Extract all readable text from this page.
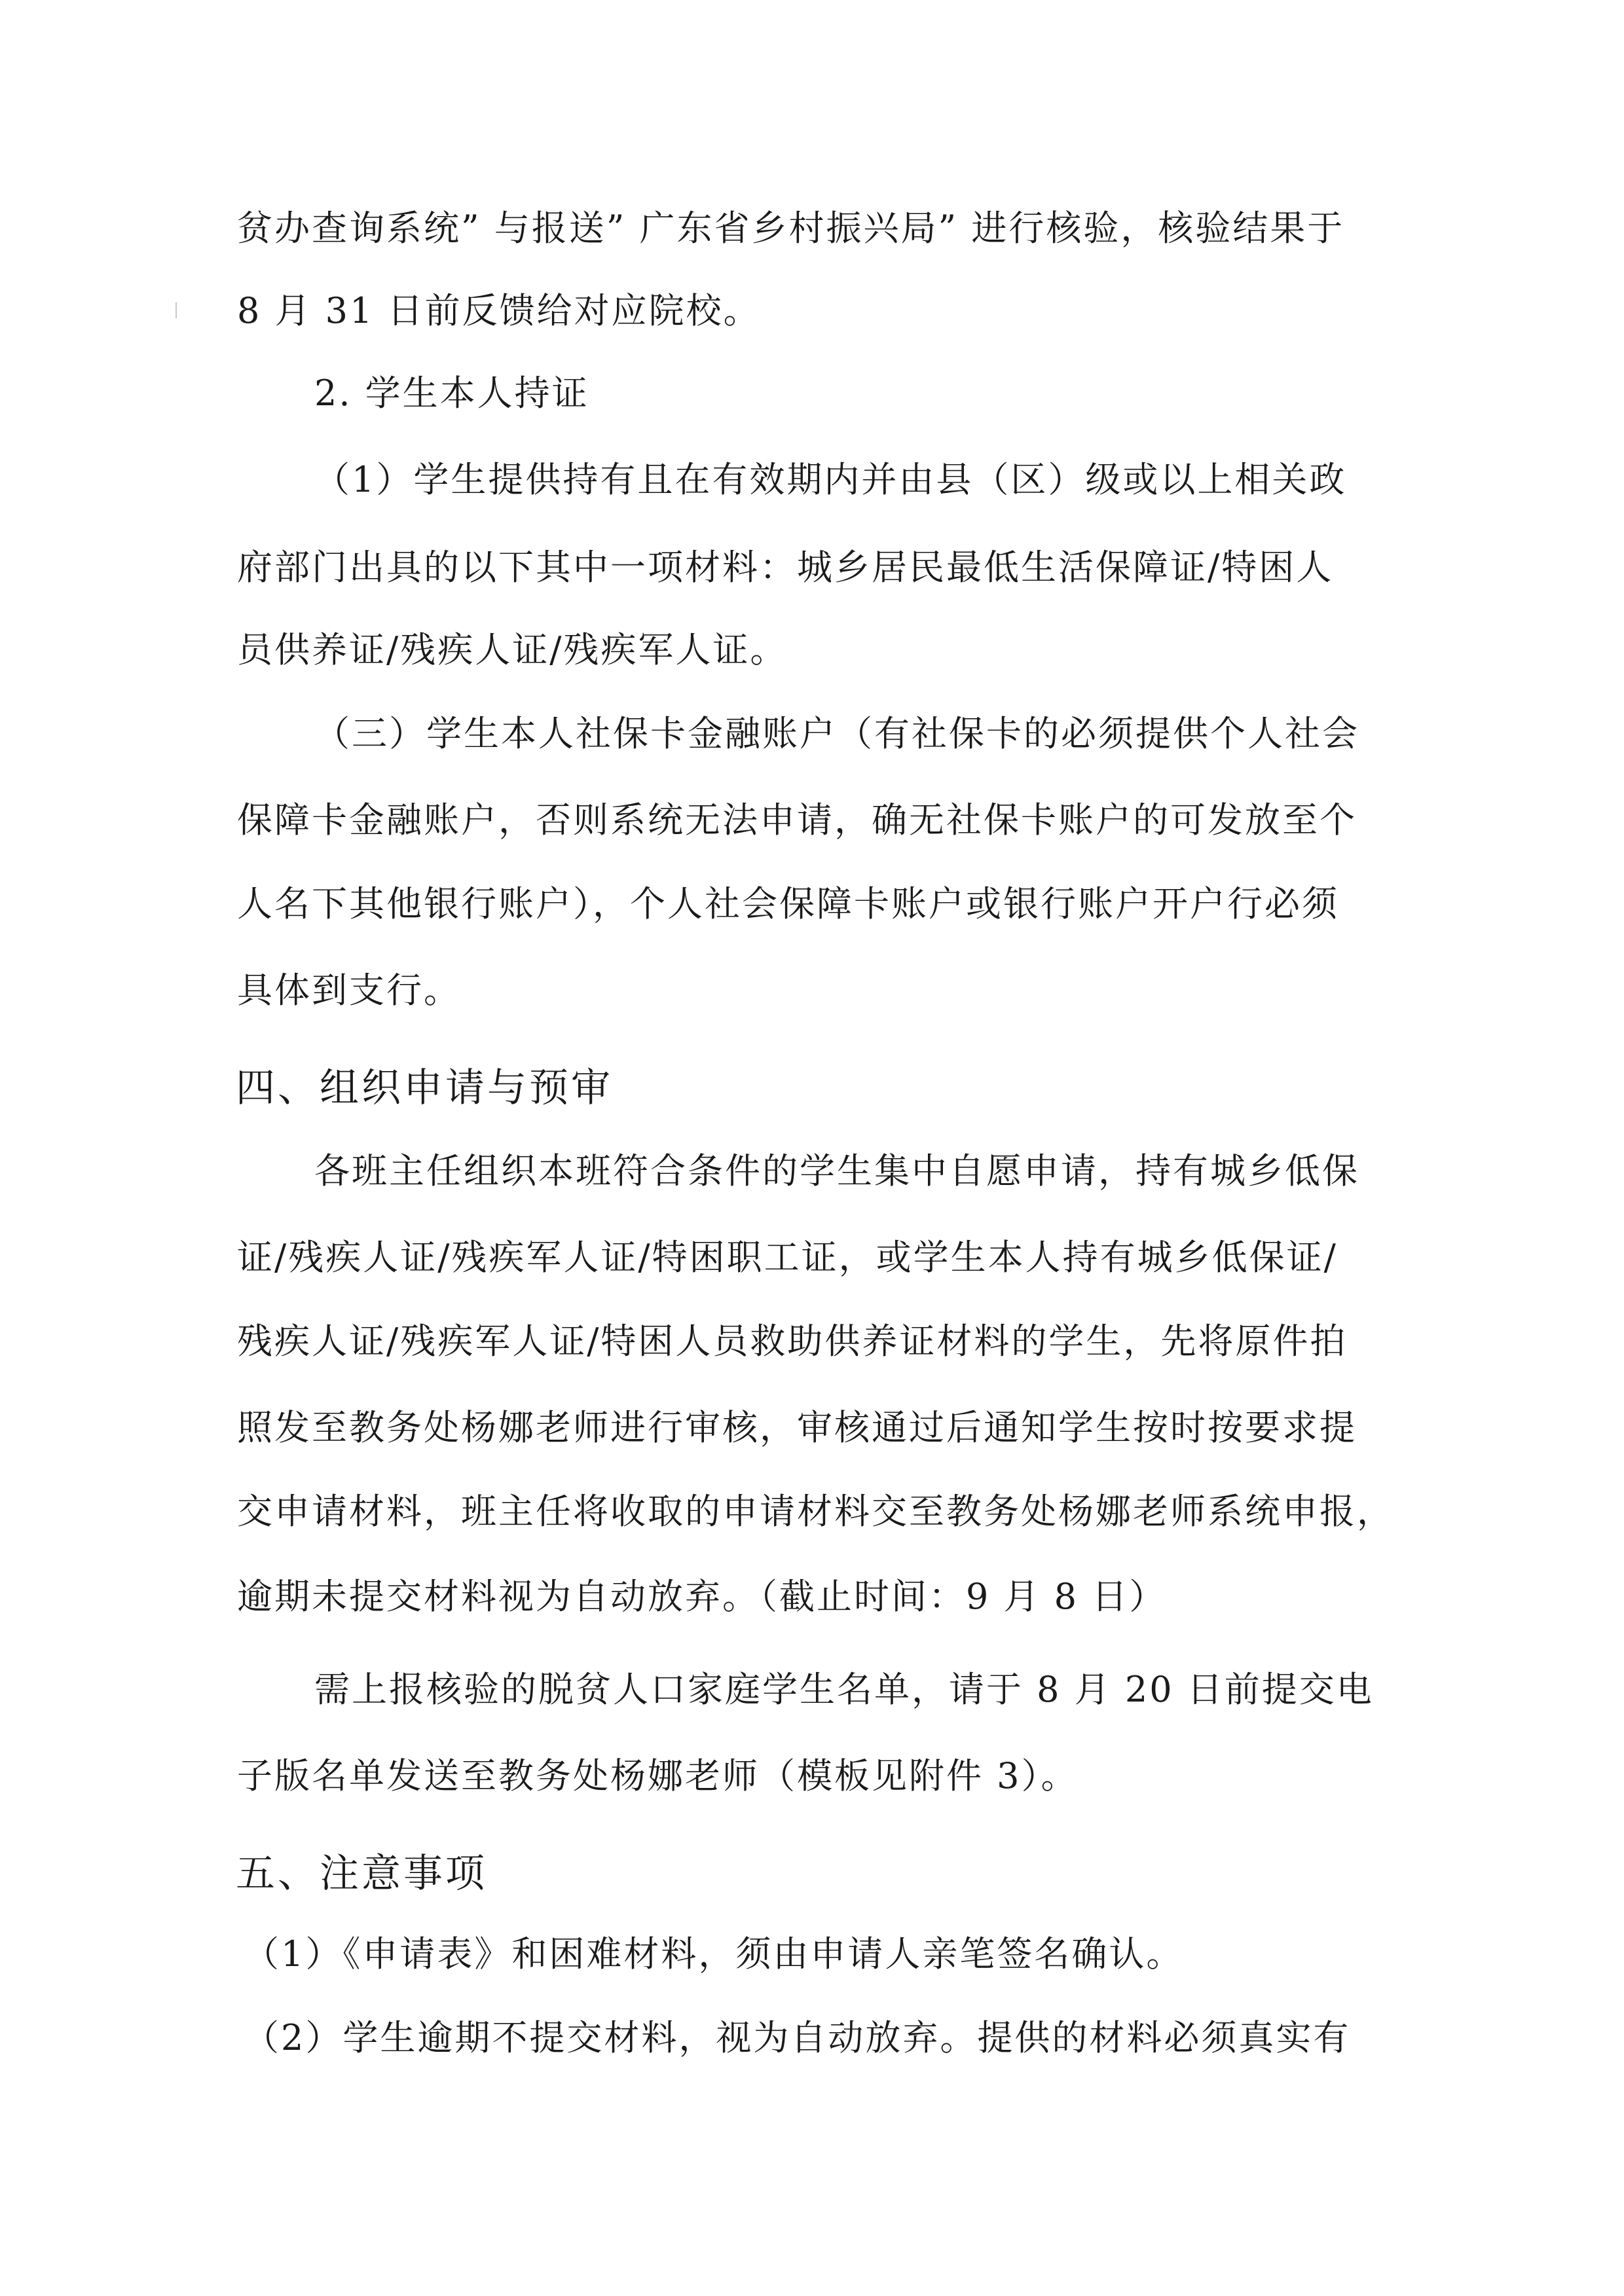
贫办查询系统” 与报送” 广东省乡村振兴局” 进行核验，核验结果于
8 月 31 日前反馈给对应院校。
2. 学生本人持证
（1）学生提供持有且在有效期内并由县（区）级或以上相关政
府部门出具的以下其中一项材料：城乡居民最低生活保障证/特困人
员供养证/残疾人证/残疾军人证。
（三）学生本人社保卡金融账户（有社保卡的必须提供个人社会
保障卡金融账户，否则系统无法申请，确无社保卡账户的可发放至个
人名下其他银行账户），个人社会保障卡账户或银行账户开户行必须
具体到支行。
四、组织申请与预审
各班主任组织本班符合条件的学生集中自愿申请，持有城乡低保
证/残疾人证/残疾军人证/特困职工证，或学生本人持有城乡低保证/
残疾人证/残疾军人证/特困人员救助供养证材料的学生，先将原件拍
照发至教务处杨娜老师进行审核，审核通过后通知学生按时按要求提
交申请材料，班主任将收取的申请材料交至教务处杨娜老师系统申报，
逾期未提交材料视为自动放弃。（截止时间：9 月 8 日）
需上报核验的脱贫人口家庭学生名单，请于 8 月 20 日前提交电
子版名单发送至教务处杨娜老师（模板见附件 3）。
五、注意事项
（1）《申请表》和困难材料，须由申请人亲笔签名确认。
（2）学生逾期不提交材料，视为自动放弃。提供的材料必须真实有
